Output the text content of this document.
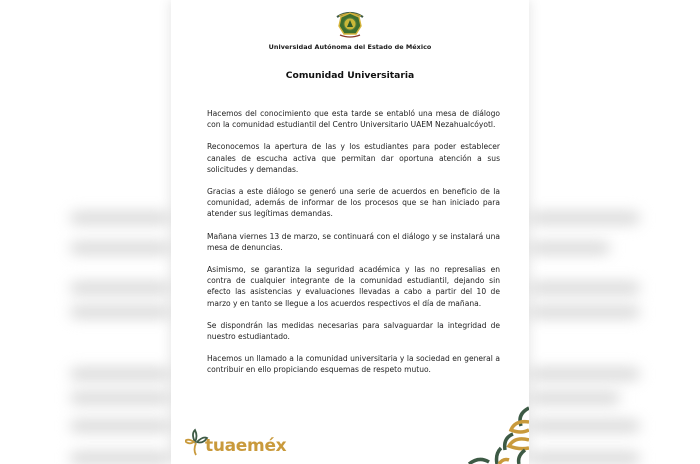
Universidad Autónoma del Estado de México
Comunidad Universitaria

Hacemos del conocimiento que esta tarde se entabló una mesa de diálogo con la comunidad estudiantil del Centro Universitario UAEM Nezahualcóyotl.

Reconocemos la apertura de las y los estudiantes para poder establecer canales de escucha activa que permitan dar oportuna atención a sus solicitudes y demandas.

Gracias a este diálogo se generó una serie de acuerdos en beneficio de la comunidad, además de informar de los procesos que se han iniciado para atender sus legítimas demandas.

Mañana viernes 13 de marzo, se continuará con el diálogo y se instalará una mesa de denuncias.

Asimismo, se garantiza la seguridad académica y las no represalias en contra de cualquier integrante de la comunidad estudiantil, dejando sin efecto las asistencias y evaluaciones llevadas a cabo a partir del 10 de marzo y en tanto se llegue a los acuerdos respectivos el día de mañana.

Se dispondrán las medidas necesarias para salvaguardar la integridad de nuestro estudiantado.

Hacemos un llamado a la comunidad universitaria y la sociedad en general a contribuir en ello propiciando esquemas de respeto mutuo.

tuaeméx
